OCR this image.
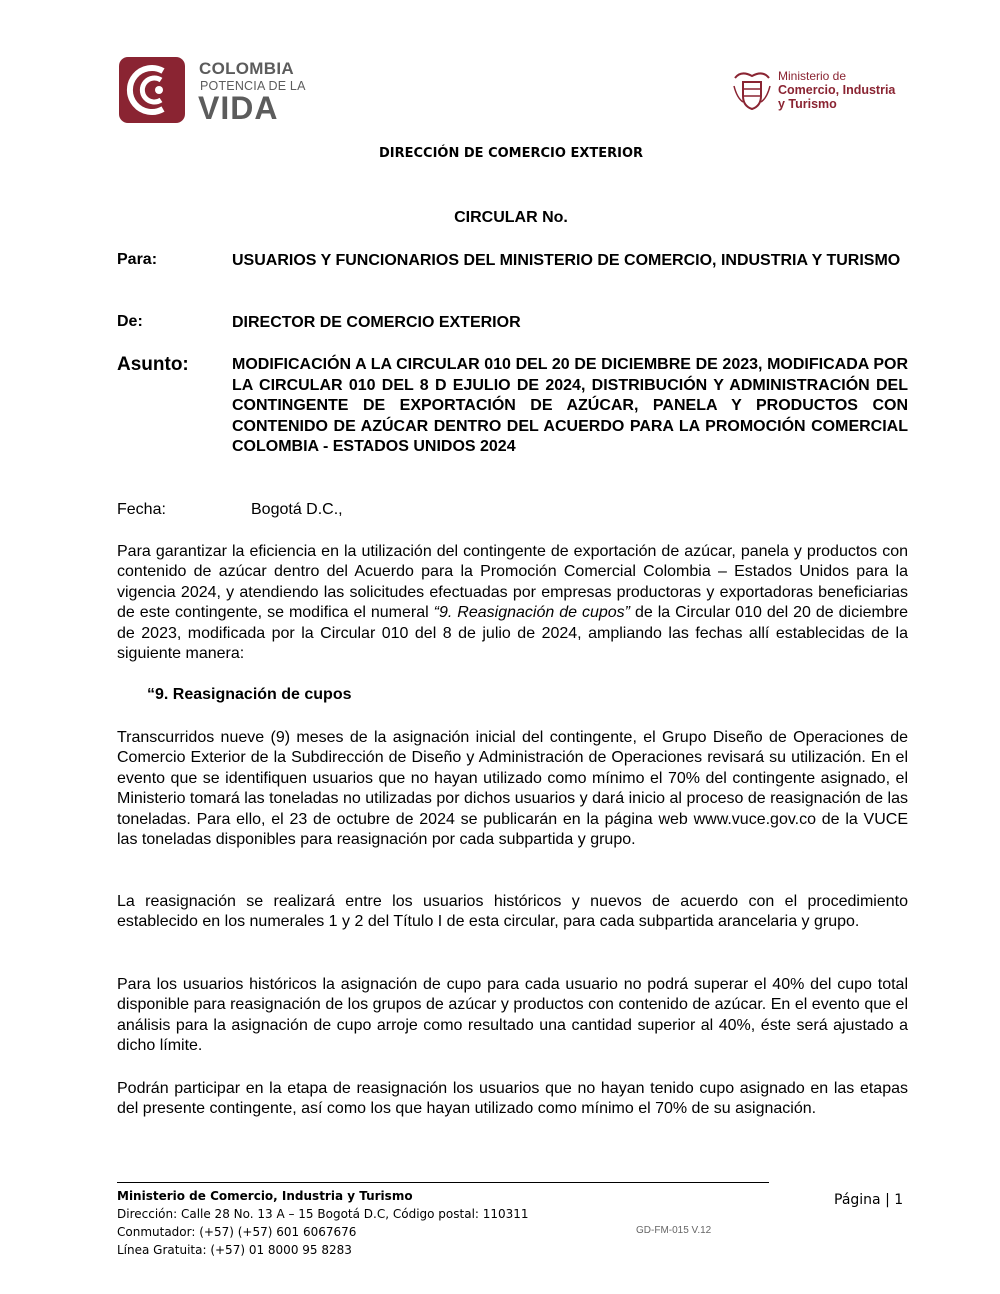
COLOMBIA
POTENCIA DE LA
VIDA
Ministerio de
Comercio, Industria
y Turismo
DIRECCIÓN DE COMERCIO EXTERIOR
CIRCULAR No.
Para:	USUARIOS Y FUNCIONARIOS DEL MINISTERIO DE COMERCIO, INDUSTRIA Y TURISMO
De:	DIRECTOR DE COMERCIO EXTERIOR
Asunto:	MODIFICACIÓN A LA CIRCULAR 010 DEL 20 DE DICIEMBRE DE 2023, MODIFICADA POR LA CIRCULAR 010 DEL 8 D EJULIO DE 2024, DISTRIBUCIÓN Y ADMINISTRACIÓN DEL CONTINGENTE DE EXPORTACIÓN DE AZÚCAR, PANELA Y PRODUCTOS CON CONTENIDO DE AZÚCAR DENTRO DEL ACUERDO PARA LA PROMOCIÓN COMERCIAL COLOMBIA - ESTADOS UNIDOS 2024
Fecha:	Bogotá D.C.,
Para garantizar la eficiencia en la utilización del contingente de exportación de azúcar, panela y productos con contenido de azúcar dentro del Acuerdo para la Promoción Comercial Colombia – Estados Unidos para la vigencia 2024, y atendiendo las solicitudes efectuadas por empresas productoras y exportadoras beneficiarias de este contingente, se modifica el numeral “9. Reasignación de cupos” de la Circular 010 del 20 de diciembre de 2023, modificada por la Circular 010 del 8 de julio de 2024, ampliando las fechas allí establecidas de la siguiente manera:
“9. Reasignación de cupos
Transcurridos nueve (9) meses de la asignación inicial del contingente, el Grupo Diseño de Operaciones de Comercio Exterior de la Subdirección de Diseño y Administración de Operaciones revisará su utilización. En el evento que se identifiquen usuarios que no hayan utilizado como mínimo el 70% del contingente asignado, el Ministerio tomará las toneladas no utilizadas por dichos usuarios y dará inicio al proceso de reasignación de las toneladas. Para ello, el 23 de octubre de 2024 se publicarán en la página web www.vuce.gov.co de la VUCE las toneladas disponibles para reasignación por cada subpartida y grupo.
La reasignación se realizará entre los usuarios históricos y nuevos de acuerdo con el procedimiento establecido en los numerales 1 y 2 del Título I de esta circular, para cada subpartida arancelaria y grupo.
Para los usuarios históricos la asignación de cupo para cada usuario no podrá superar el 40% del cupo total disponible para reasignación de los grupos de azúcar y productos con contenido de azúcar. En el evento que el análisis para la asignación de cupo arroje como resultado una cantidad superior al 40%, éste será ajustado a dicho límite.
Podrán participar en la etapa de reasignación los usuarios que no hayan tenido cupo asignado en las etapas del presente contingente, así como los que hayan utilizado como mínimo el 70% de su asignación.
Ministerio de Comercio, Industria y Turismo
Dirección: Calle 28 No. 13 A – 15 Bogotá D.C, Código postal: 110311
Conmutador: (+57) (+57) 601 6067676
Línea Gratuita: (+57) 01 8000 95 8283
GD-FM-015 V.12
Página | 1
